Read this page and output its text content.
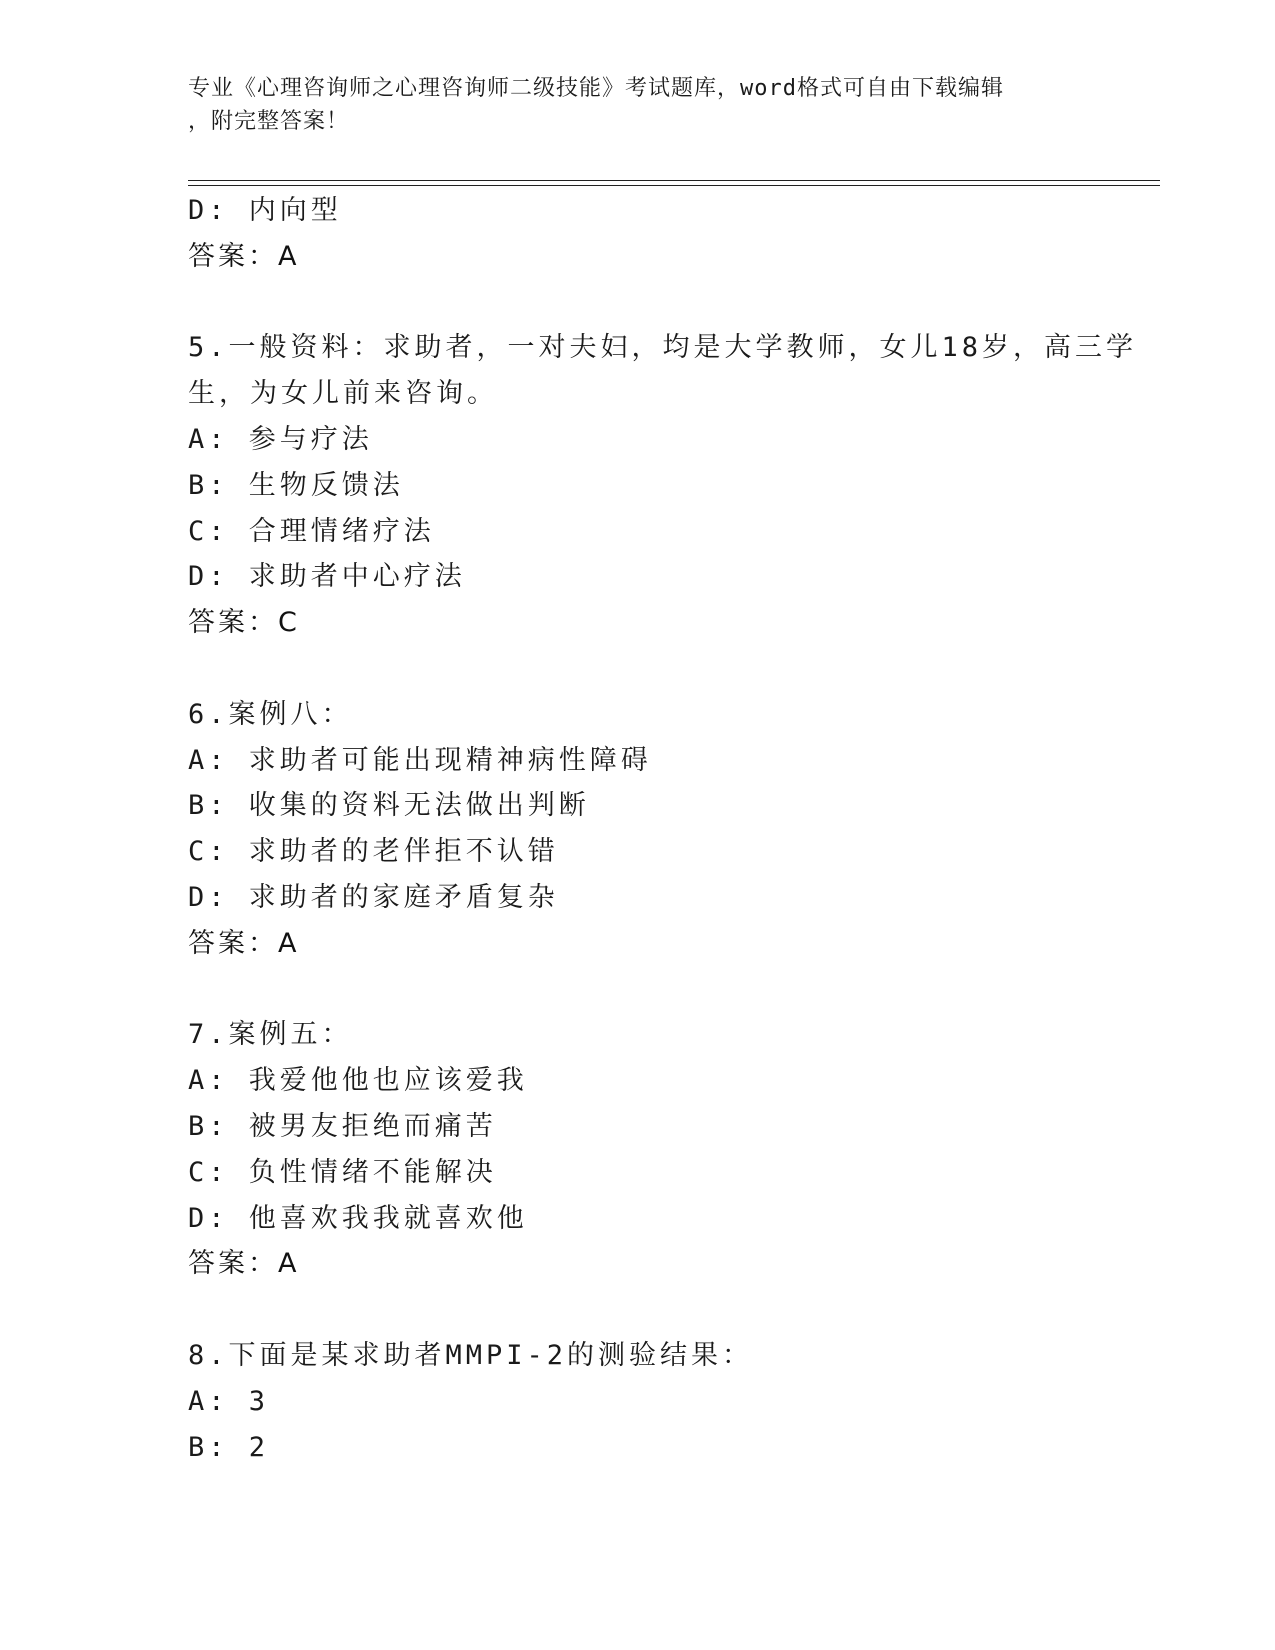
专业《心理咨询师之心理咨询师二级技能》考试题库，word格式可自由下载编辑
，附完整答案！
D: 内向型
答案：A
5.一般资料：求助者，一对夫妇，均是大学教师，女儿18岁，高三学
生，为女儿前来咨询。
A: 参与疗法
B: 生物反馈法
C: 合理情绪疗法
D: 求助者中心疗法
答案：C
6.案例八：
A: 求助者可能出现精神病性障碍
B: 收集的资料无法做出判断
C: 求助者的老伴拒不认错
D: 求助者的家庭矛盾复杂
答案：A
7.案例五：
A: 我爱他他也应该爱我
B: 被男友拒绝而痛苦
C: 负性情绪不能解决
D: 他喜欢我我就喜欢他
答案：A
8.下面是某求助者MMPI-2的测验结果：
A: 3
B: 2
